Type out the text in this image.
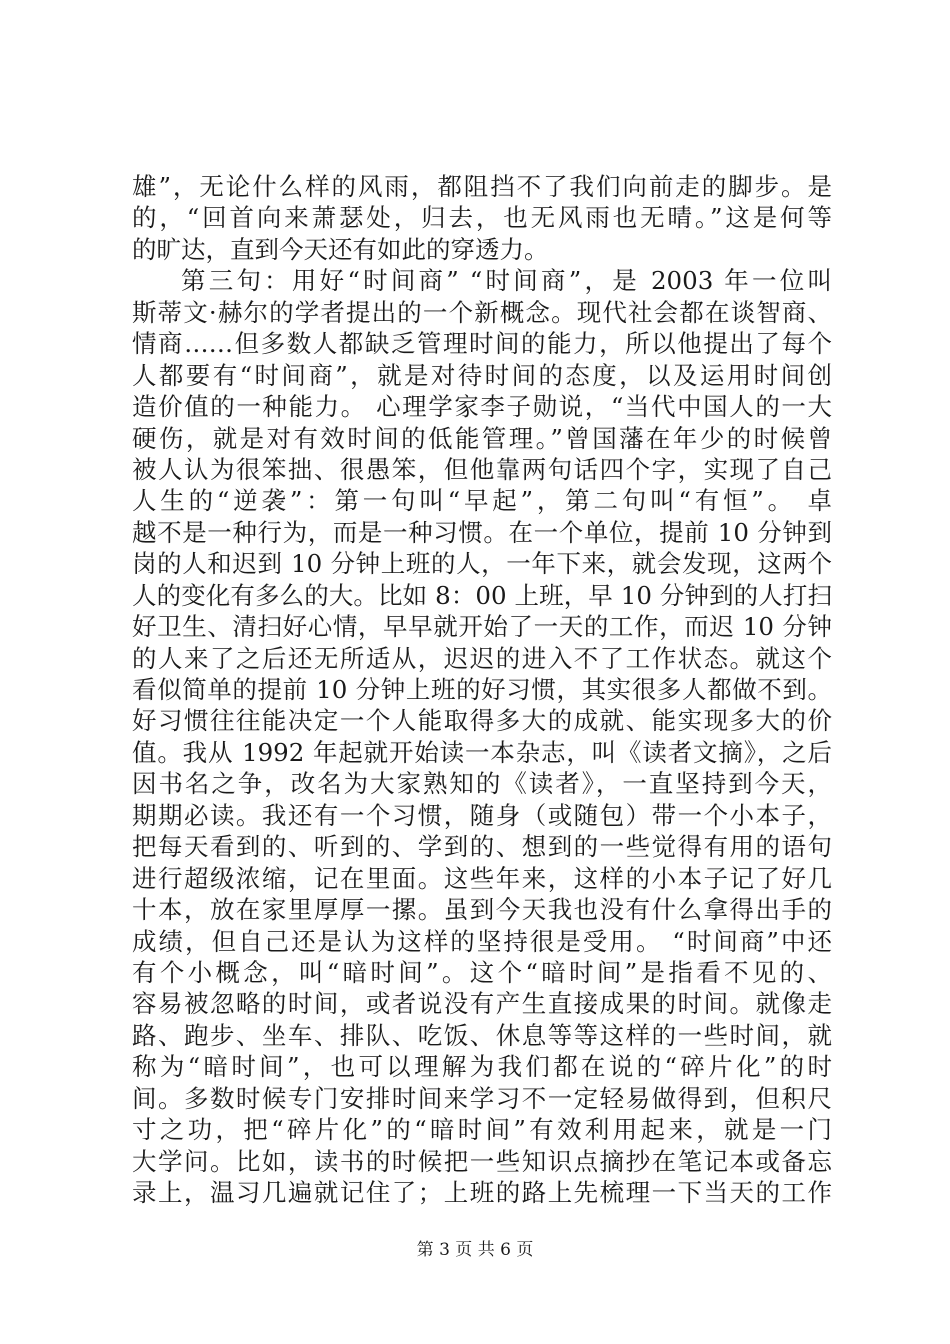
雄”，无论什么样的风雨，都阻挡不了我们向前走的脚步。是
的，“回首向来萧瑟处，归去，也无风雨也无晴。”这是何等
的旷达，直到今天还有如此的穿透力。
第三句：用好“时间商” “时间商”，是 2003 年一位叫
斯蒂文·赫尔的学者提出的一个新概念。现代社会都在谈智商、
情商……但多数人都缺乏管理时间的能力，所以他提出了每个
人都要有“时间商”，就是对待时间的态度，以及运用时间创
造价值的一种能力。 心理学家李子勋说，“当代中国人的一大
硬伤，就是对有效时间的低能管理。”曾国藩在年少的时候曾
被人认为很笨拙、很愚笨，但他靠两句话四个字，实现了自己
人生的“逆袭”：第一句叫“早起”，第二句叫“有恒”。 卓
越不是一种行为，而是一种习惯。在一个单位，提前 10 分钟到
岗的人和迟到 10 分钟上班的人，一年下来，就会发现，这两个
人的变化有多么的大。比如 8：00 上班，早 10 分钟到的人打扫
好卫生、清扫好心情，早早就开始了一天的工作，而迟 10 分钟
的人来了之后还无所适从，迟迟的进入不了工作状态。就这个
看似简单的提前 10 分钟上班的好习惯，其实很多人都做不到。
好习惯往往能决定一个人能取得多大的成就、能实现多大的价
值。我从 1992 年起就开始读一本杂志，叫《读者文摘》，之后
因书名之争，改名为大家熟知的《读者》，一直坚持到今天，
期期必读。我还有一个习惯，随身（或随包）带一个小本子，
把每天看到的、听到的、学到的、想到的一些觉得有用的语句
进行超级浓缩，记在里面。这些年来，这样的小本子记了好几
十本，放在家里厚厚一摞。虽到今天我也没有什么拿得出手的
成绩，但自己还是认为这样的坚持很是受用。 “时间商”中还
有个小概念，叫“暗时间”。这个“暗时间”是指看不见的、
容易被忽略的时间，或者说没有产生直接成果的时间。就像走
路、跑步、坐车、排队、吃饭、休息等等这样的一些时间，就
称为“暗时间”，也可以理解为我们都在说的“碎片化”的时
间。多数时候专门安排时间来学习不一定轻易做得到，但积尺
寸之功，把“碎片化”的“暗时间”有效利用起来，就是一门
大学问。比如，读书的时候把一些知识点摘抄在笔记本或备忘
录上，温习几遍就记住了；上班的路上先梳理一下当天的工作
第 3 页 共 6 页
